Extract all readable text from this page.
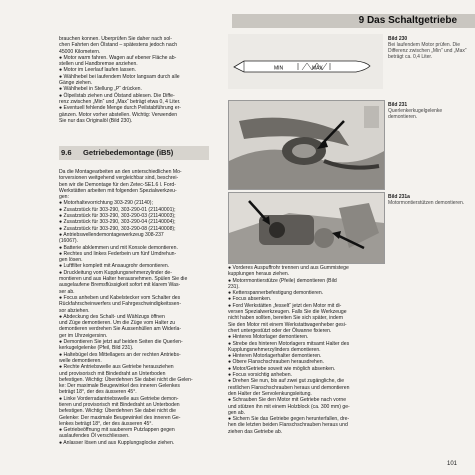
9 Das Schaltgetriebe

brauchen konnen. Uberprüfen Sie daher nach sol-

chen Fahrten den Ölstand – spätestens jedoch nach

45000 Kilometern.

● Motor warm fahren. Wagen auf ebener Fläche ab-

stellen und Handbremse anziehen.

● Motor im Leerlauf laufen lassen.

● Wählhebel bei laufendem Motor langsam durch alle

Gänge ziehen.

● Wählhebel in Stellung „P“ drücken.

● Ölpeilstab ziehen und Ölstand ablesen. Die Diffe-

renz zwischen „Min“ und „Max“ beträgt etwa 0, 4 Liter.

● Eventuell fehlende Menge durch Peilstabführung er-

gänzen. Motor vorher abstellen. Wichtig: Verwenden

Sie nur das Originalöl (Bild 230).

9.6 Getriebedemontage (iB5)

Da die Montagearbeiten an den unterschiedlichen Mo-

torversionen weitgehend vergleichbar sind, beschrei-

ben wir die Demontage für den Zetec-SE1.6 l. Ford-

Werkstätten arbeiten mit folgenden Spezialwerkzeu-

gen:

● Motorhaltevorrichtung 303-290 (21140);

● Zusatzstück für 303-290, 303-290-01 (21140001);

● Zusatzstück für 303-290, 303-290-03 (21140003);

● Zusatzstück für 303-290, 303-290-04 (21140004);

● Zusatzstück für 303-290, 303-290-08 (21140008);

● Antriebswellendemontagewerkzeug 308-237

(16067).

● Batterie abklemmen und mit Konsole demontieren.

● Rechtes und linkes Federbein um fünf Umdrehun-

gen lösen.

● Luftfilter komplett mit Ansaugrohr demontieren.

● Druckleitung vom Kupplungsnehmerzylinder de-

montieren und aus Halter herausnehmen. Spülen Sie die

ausgelaufene Bremsflüssigkeit sofort mit klarem Was-

ser ab.

● Focus anheben und Kabelstecker vom Schalter des

Rückfahrscheinwerfers und Fahrgeschwindigkeitssen-

sor abziehen.

● Abdeckung des Schalt- und Wählzugs öffnen

und Züge demontieren. Um die Züge vom Halter zu

demontieren verdrehen Sie Aussenhüllen am Widerla-

ger im Uhrzeigersinn.

● Demontieren Sie jetzt auf beiden Seiten die Querlen-

kerkugelgelenke (Pfeil, Bild 231).

● Haltebügel des Mittellagers an der rechten Antriebs-

welle demontieren.

● Rechte Antriebswelle aus Getriebe herausziehen

und provisorisch mit Bindedraht an Unterboden

befestigen. Wichtig: Überdehnen Sie dabei nicht die Gelen-

ke: Der maximale Beugewinkel des inneren Gelenkes

beträgt 18°, der des äusseren 45°.

● Linke Vorderradantriebswelle aus Getriebe demon-

tieren und provisorisch mit Bindedraht an Unterboden

befestigen. Wichtig: Überdehnen Sie dabei nicht die

Gelenke: Der maximale Beugewinkel des inneren Ge-

lenkes beträgt 18°, der des äusseren 45°.

● Getriebeöffnung mit sauberem Putzlappen gegen

auslaufendes Öl verschliessen.

● Anlasser lösen und aus Kupplungsglocke ziehen.

MIN	MAX

● Vorderes Auspuffrohr trennen und aus Gummistege

kupplungen heraus ziehen.

● Motorrmontierstütze (Pfeile) demontieren (Bild

231).

● Kettenspannerbefestigung demontieren.

● Focus absenken.

● Ford Werkstätten „fesselt“ jetzt den Motor mit di-

versen Spezialwerkzeugen. Falls Sie die Werkzeuge

nicht haben sollten, bereiten Sie sich später, indem

Sie den Motor mit einem Werkstattwagenheber gesi-

chert untergestützt oder der Ölwanne fixieren.

● Hinteres Motorlager demontieren.

● Strebe des hinteren Motorlagers mitsamt Halter des

Kupplungsnehmerzylinders demontieren.

● Hinteren Motorlagerhalter demontieren.

● Obere Flanschschrauben herausdrehen.

● Motor/Getriebe soweit wie möglich absenken.

● Focus vorsichtig anheben.

● Drehen Sie nun, bis auf zwei gut zugängliche, die

restlichen Flanschschrauben heraus und demontieren

den Halter der Servolenkungsleitung.

● Schrauben Sie den Motor mit Getriebe nach vorne

und stützen ihn mit einem Holzblock (ca. 300 mm) ge-

gen ab.

● Sichern Sie das Getriebe gegen herunterfallen, dre-

hen die letzten beiden Flanschschrauben heraus und

ziehen das Getriebe ab.

Bild 230
Bei laufendem Motor prüfen. Die Differenz zwischen „Min“ und „Max“ beträgt ca. 0,4 Liter.
Bild 231
Querlenkerkugelgelenke demontieren.
Bild 231a
Motormontierstützen demontieren.
101
